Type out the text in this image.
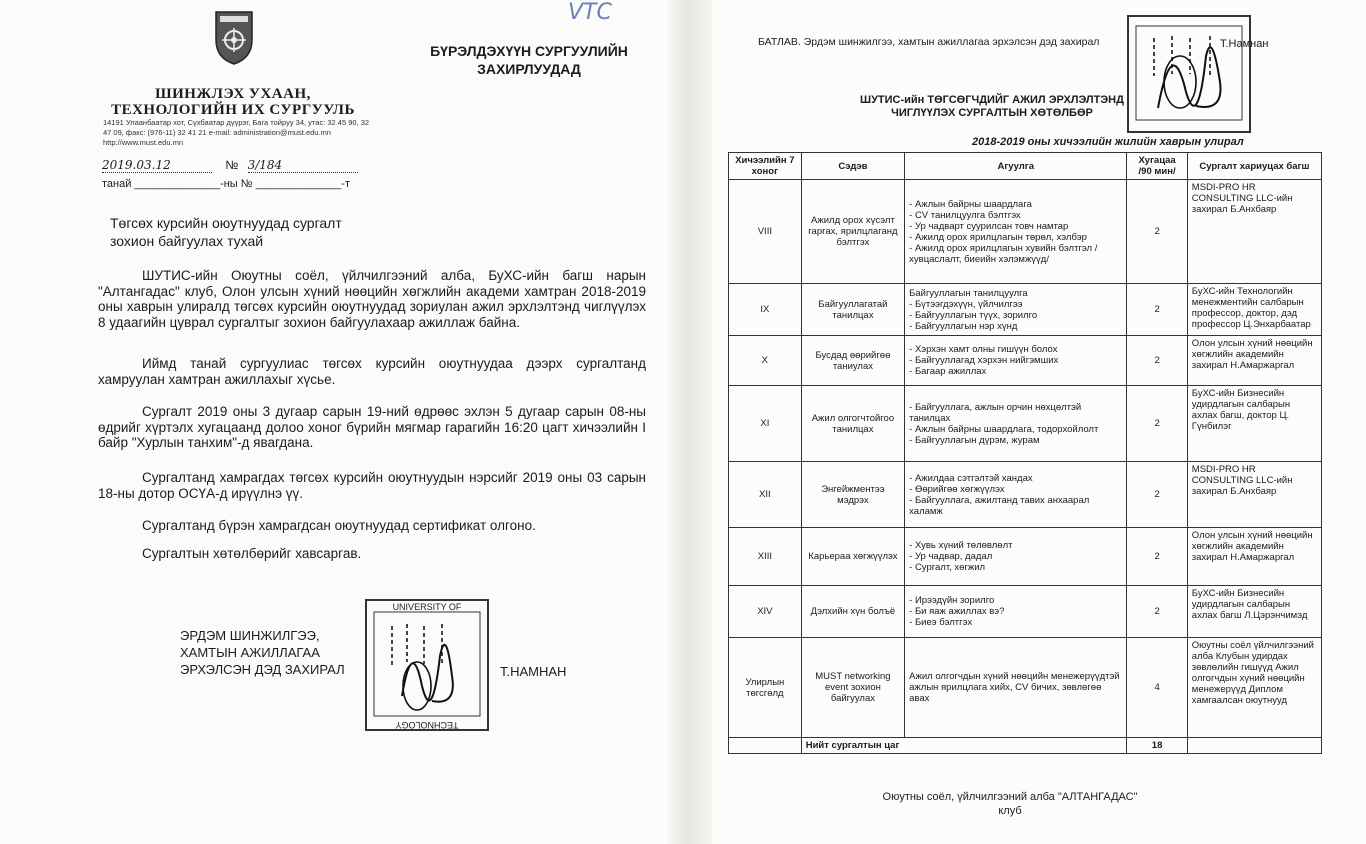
VTC
БҮРЭЛДЭХҮҮН СУРГУУЛИЙН ЗАХИРЛУУДАД
ШИНЖЛЭХ УХААН, ТЕХНОЛОГИЙН ИХ СУРГУУЛЬ
14191 Улаанбаатар хот, Сүхбаатар дүүрэг, Бага тойруу 34, утас: 32 45 90, 32 47 09, факс: (976-11) 32 41 21 e-mail: administration@must.edu.mn http://www.must.edu.mn
2019.03.12	№ 3/184
танай ______________-ны № ______________-т
Төгсөх курсийн оюутнуудад сургалт зохион байгуулах тухай
ШУТИС-ийн Оюутны соёл, үйлчилгээний алба, БуХС-ийн багш нарын "Алтангадас" клуб, Олон улсын хүний нөөцийн хөгжлийн академи хамтран 2018-2019 оны хаврын улиралд төгсөх курсийн оюутнуудад зориулан ажил эрхлэлтэнд чиглүүлэх 8 удаагийн цуврал сургалтыг зохион байгуулахаар ажиллаж байна.
Иймд танай сургуулиас төгсөх курсийн оюутнуудаа дээрх сургалтанд хамруулан хамтран ажиллахыг хүсье.
Сургалт 2019 оны 3 дугаар сарын 19-ний өдрөөс эхлэн 5 дугаар сарын 08-ны өдрийг хүртэлх хугацаанд долоо хоног бүрийн мягмар гарагийн 16:20 цагт хичээлийн I байр "Хурлын танхим"-д явагдана.
Сургалтанд хамрагдах төгсөх курсийн оюутнуудын нэрсийг 2019 оны 03 сарын 18-ны дотор ОСҮА-д ирүүлнэ үү.
Сургалтанд бүрэн хамрагдсан оюутнуудад сертификат олгоно.
Сургалтын хөтөлбөрийг хавсаргав.
ЭРДЭМ ШИНЖИЛГЭЭ, ХАМТЫН АЖИЛЛАГАА ЭРХЭЛСЭН ДЭД ЗАХИРАЛ	Т.НАМНАН
UNIVERSITY OF
TECHNOLOGY
БАТЛАВ. Эрдэм шинжилгээ, хамтын ажиллагаа эрхэлсэн дэд захирал	Т.Намнан
ШУТИС-ийн ТӨГСӨГЧДИЙГ АЖИЛ ЭРХЛЭЛТЭНД ЧИГЛҮҮЛЭХ СУРГАЛТЫН ХӨТӨЛБӨР
2018-2019 оны хичээлийн жилийн хаврын улирал
Хичээлийн 7 хоног	Сэдэв	Агуулга	Хугацаа /90 мин/	Сургалт хариуцах багш
VIII	Ажилд орох хүсэлт гаргах, ярилцлаганд бэлтгэх	- Ажлын байрны шаардлага
- CV танилцуулга бэлтгэх
- Ур чадварт суурилсан товч намтар
- Ажилд орох ярилцлагын төрөл, хэлбэр
- Ажилд орох ярилцлагын хувийн бэлтгэл /хувцаслалт, биеийн хэлэмжүүд/	2	MSDI-PRO HR CONSULTING LLC-ийн захирал Б.Анхбаяр
IX	Байгууллагатай танилцах	Байгууллагын танилцуулга
- Бүтээгдэхүүн, үйлчилгээ
- Байгууллагын түүх, зорилго
- Байгууллагын нэр хүнд	2	БуХС-ийн Технологийн менежментийн салбарын профессор, доктор, дэд профессор Ц.Энхарбаатар
X	Бусдад өөрийгөө таниулах	- Хэрхэн хамт олны гишүүн болох
- Байгууллагад хэрхэн нийгэмших
- Багаар ажиллах	2	Олон улсын хүний нөөцийн хөгжлийн академийн захирал Н.Амаржаргал
XI	Ажил олгогчтойгоо танилцах	- Байгууллага, ажлын орчин нөхцөлтэй танилцах
- Ажлын байрны шаардлага, тодорхойлолт
- Байгууллагын дүрэм, журам	2	БуХС-ийн Бизнесийн удирдлагын салбарын ахлах багш, доктор Ц. Гүнбилэг
XII	Энгейжментээ мэдрэх	- Ажилдаа сэтгэлтэй хандах
- Өөрийгөө хөгжүүлэх
- Байгууллага, ажилтанд тавих анхаарал халамж	2	MSDI-PRO HR CONSULTING LLC-ийн захирал Б.Анхбаяр
XIII	Карьераа хөгжүүлэх	- Хувь хүний төлөвлөлт
- Ур чадвар, дадал
- Сургалт, хөгжил	2	Олон улсын хүний нөөцийн хөгжлийн академийн захирал Н.Амаржаргал
XIV	Дэлхийн хүн болъё	- Ирээдүйн зорилго
- Би яаж ажиллах вэ?
- Биеэ бэлтгэх	2	БуХС-ийн Бизнесийн удирдлагын салбарын ахлах багш Л.Цэрэнчимэд
Улирлын төгсгөлд	MUST networking event зохион байгуулах	Ажил олгогчдын хүний нөөцийн менежерүүдтэй ажлын ярилцлага хийх, CV бичих, зөвлөгөө авах	4	Оюутны соёл үйлчилгээний алба Клубын удирдах зөвлөлийн гишүүд Ажил олгогчдын хүний нөөцийн менежерүүд Диплом хамгаалсан оюутнууд
	Нийт сургалтын цаг		18	
Оюутны соёл, үйлчилгээний алба "АЛТАНГАДАС" клуб
